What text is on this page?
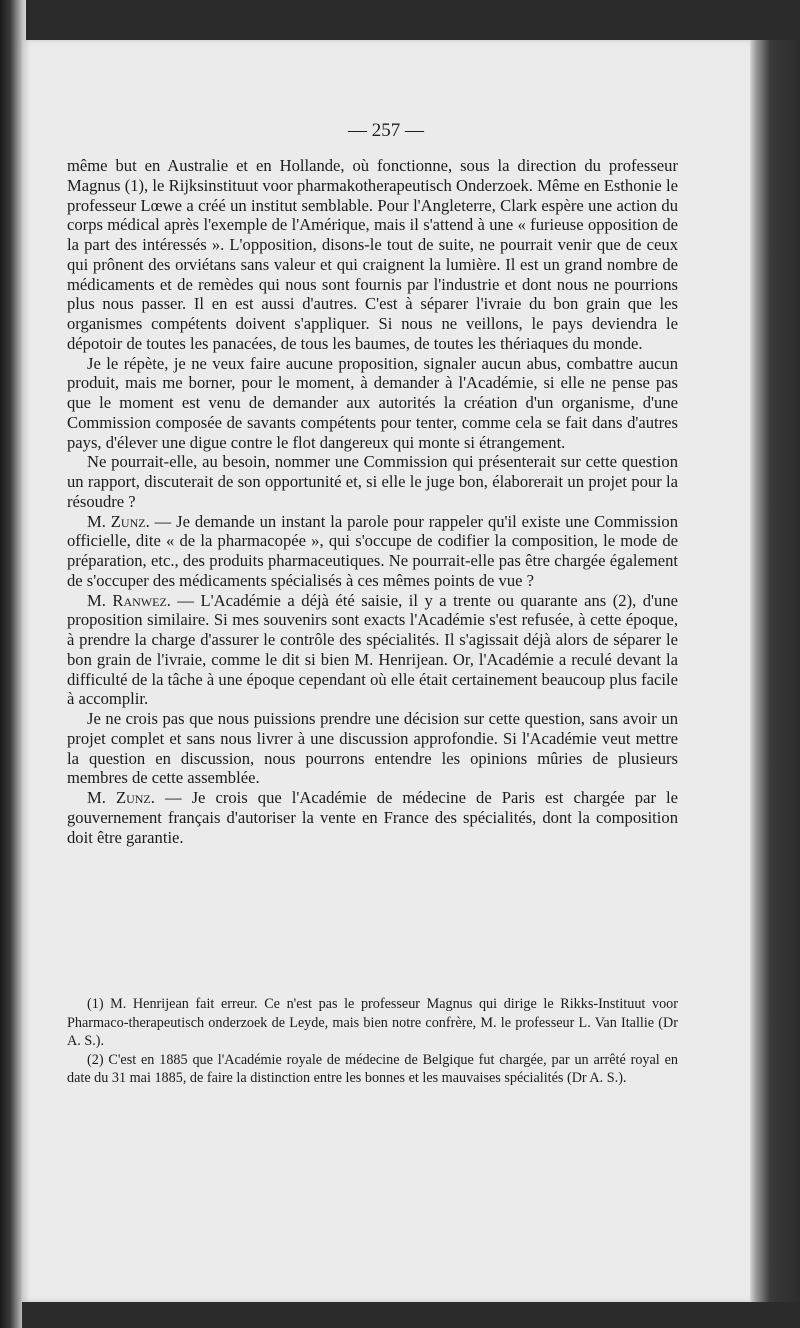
— 257 —

même but en Australie et en Hollande, où fonctionne, sous la direction du professeur Magnus (1), le Rijksinstituut voor pharmakotherapeutisch Onderzoek. Même en Esthonie le professeur Lœwe a créé un institut semblable. Pour l'Angleterre, Clark espère une action du corps médical après l'exemple de l'Amérique, mais il s'attend à une « furieuse opposition de la part des intéressés ». L'opposition, disons-le tout de suite, ne pourrait venir que de ceux qui prônent des orviétans sans valeur et qui craignent la lumière. Il est un grand nombre de médicaments et de remèdes qui nous sont fournis par l'industrie et dont nous ne pourrions plus nous passer. Il en est aussi d'autres. C'est à séparer l'ivraie du bon grain que les organismes compétents doivent s'appliquer. Si nous ne veillons, le pays deviendra le dépotoir de toutes les panacées, de tous les baumes, de toutes les thériaques du monde.

Je le répète, je ne veux faire aucune proposition, signaler aucun abus, combattre aucun produit, mais me borner, pour le moment, à demander à l'Académie, si elle ne pense pas que le moment est venu de demander aux autorités la création d'un organisme, d'une Commission composée de savants compétents pour tenter, comme cela se fait dans d'autres pays, d'élever une digue contre le flot dangereux qui monte si étrangement.

Ne pourrait-elle, au besoin, nommer une Commission qui présenterait sur cette question un rapport, discuterait de son opportunité et, si elle le juge bon, élaborerait un projet pour la résoudre ?

M. Zunz. — Je demande un instant la parole pour rappeler qu'il existe une Commission officielle, dite « de la pharmacopée », qui s'occupe de codifier la composition, le mode de préparation, etc., des produits pharmaceutiques. Ne pourrait-elle pas être chargée également de s'occuper des médicaments spécialisés à ces mêmes points de vue ?

M. Ranwez. — L'Académie a déjà été saisie, il y a trente ou quarante ans (2), d'une proposition similaire. Si mes souvenirs sont exacts l'Académie s'est refusée, à cette époque, à prendre la charge d'assurer le contrôle des spécialités. Il s'agissait déjà alors de séparer le bon grain de l'ivraie, comme le dit si bien M. Henrijean. Or, l'Académie a reculé devant la difficulté de la tâche à une époque cependant où elle était certainement beaucoup plus facile à accomplir.

Je ne crois pas que nous puissions prendre une décision sur cette question, sans avoir un projet complet et sans nous livrer à une discussion approfondie. Si l'Académie veut mettre la question en discussion, nous pourrons entendre les opinions mûries de plusieurs membres de cette assemblée.

M. Zunz. — Je crois que l'Académie de médecine de Paris est chargée par le gouvernement français d'autoriser la vente en France des spécialités, dont la composition doit être garantie.

(1) M. Henrijean fait erreur. Ce n'est pas le professeur Magnus qui dirige le Rikks-Instituut voor Pharmaco-therapeutisch onderzoek de Leyde, mais bien notre confrère, M. le professeur L. Van Itallie (Dr A. S.).

(2) C'est en 1885 que l'Académie royale de médecine de Belgique fut chargée, par un arrêté royal en date du 31 mai 1885, de faire la distinction entre les bonnes et les mauvaises spécialités (Dr A. S.).
